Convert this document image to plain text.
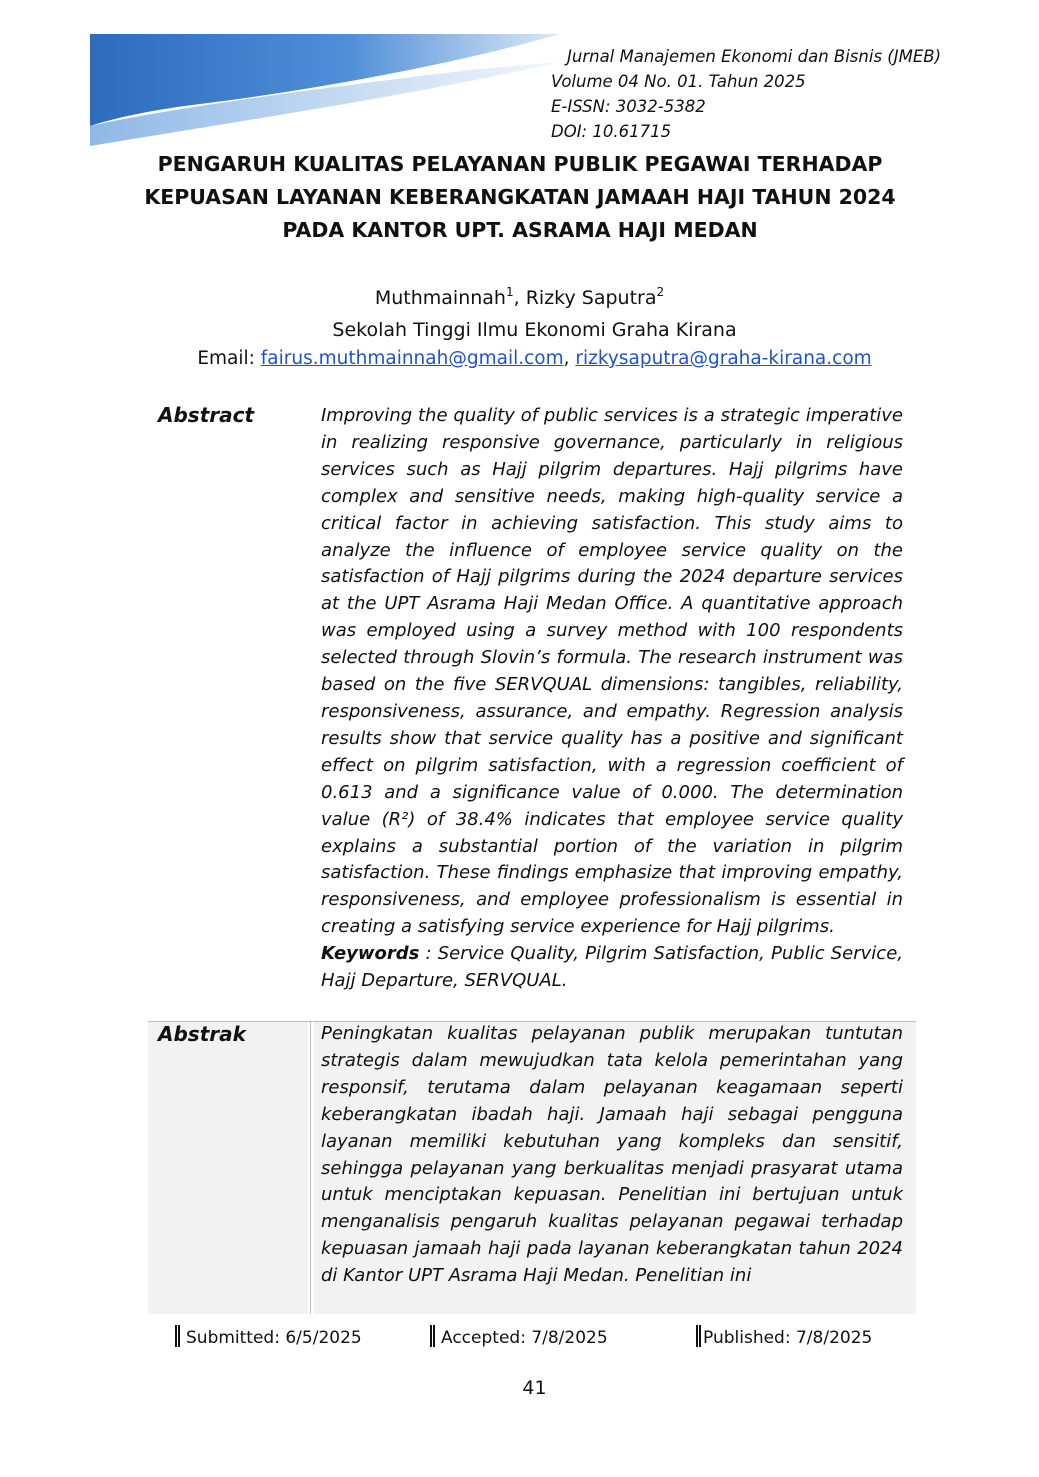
Jurnal Manajemen Ekonomi dan Bisnis (JMEB)
Volume 04 No. 01. Tahun 2025
E-ISSN: 3032-5382
DOI: 10.61715
PENGARUH KUALITAS PELAYANAN PUBLIK PEGAWAI TERHADAP
KEPUASAN LAYANAN KEBERANGKATAN JAMAAH HAJI TAHUN 2024
PADA KANTOR UPT. ASRAMA HAJI MEDAN
Muthmainnah$^1$, Rizky Saputra$^2$
Sekolah Tinggi Ilmu Ekonomi Graha Kirana
Email: fairus.muthmainnah@gmail.com, rizkysaputra@graha-kirana.com
Abstract	Improving the quality of public services is a strategic imperative in realizing responsive governance, particularly in religious services such as Hajj pilgrim departures. Hajj pilgrims have complex and sensitive needs, making high-quality service a critical factor in achieving satisfaction. This study aims to analyze the influence of employee service quality on the satisfaction of Hajj pilgrims during the 2024 departure services at the UPT Asrama Haji Medan Office. A quantitative approach was employed using a survey method with 100 respondents selected through Slovin’s formula. The research instrument was based on the five SERVQUAL dimensions: tangibles, reliability, responsiveness, assurance, and empathy. Regression analysis results show that service quality has a positive and significant effect on pilgrim satisfaction, with a regression coefficient of 0.613 and a significance value of 0.000. The determination value (R²) of 38.4% indicates that employee service quality explains a substantial portion of the variation in pilgrim satisfaction. These findings emphasize that improving empathy, responsiveness, and employee professionalism is essential in creating a satisfying service experience for Hajj pilgrims.

Keywords : Service Quality, Pilgrim Satisfaction, Public Service, Hajj Departure, SERVQUAL.

Abstrak	Peningkatan kualitas pelayanan publik merupakan tuntutan strategis dalam mewujudkan tata kelola pemerintahan yang responsif, terutama dalam pelayanan keagamaan seperti keberangkatan ibadah haji. Jamaah haji sebagai pengguna layanan memiliki kebutuhan yang kompleks dan sensitif, sehingga pelayanan yang berkualitas menjadi prasyarat utama untuk menciptakan kepuasan. Penelitian ini bertujuan untuk menganalisis pengaruh kualitas pelayanan pegawai terhadap kepuasan jamaah haji pada layanan keberangkatan tahun 2024 di Kantor UPT Asrama Haji Medan. Penelitian ini

Submitted: 6/5/2025	Accepted: 7/8/2025	Published: 7/8/2025
41
